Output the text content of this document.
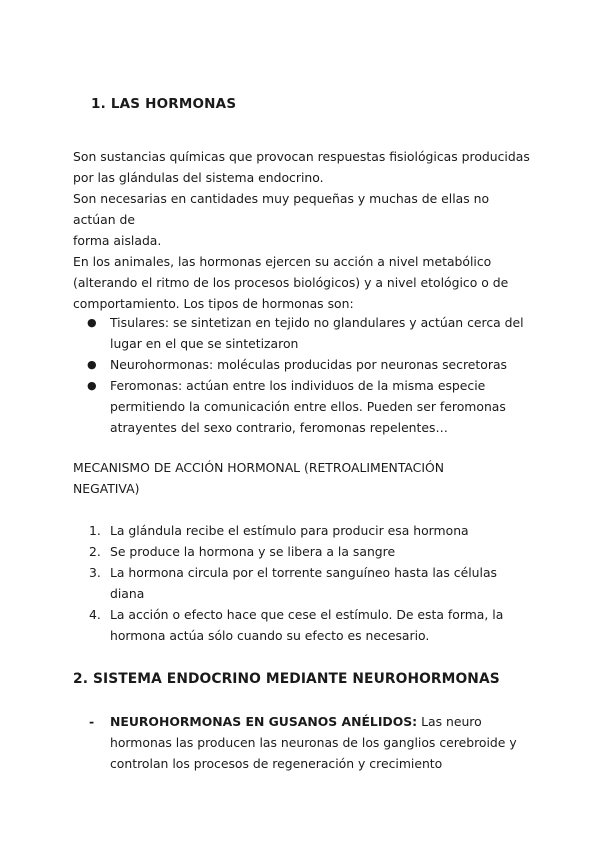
1. LAS HORMONAS

Son sustancias químicas que provocan respuestas fisiológicas producidas

por las glándulas del sistema endocrino.

Son necesarias en cantidades muy pequeñas y muchas de ellas no actúan de

forma aislada.

En los animales, las hormonas ejercen su acción a nivel metabólico

(alterando el ritmo de los procesos biológicos) y a nivel etológico o de

comportamiento. Los tipos de hormonas son:

● Tisulares: se sintetizan en tejido no glandulares y actúan cerca del
lugar en el que se sintetizaron
● Neurohormonas: moléculas producidas por neuronas secretoras
● Feromonas: actúan entre los individuos de la misma especie
permitiendo la comunicación entre ellos. Pueden ser feromonas
atrayentes del sexo contrario, feromonas repelentes…
MECANISMO DE ACCIÓN HORMONAL (RETROALIMENTACIÓN
NEGATIVA)
1. La glándula recibe el estímulo para producir esa hormona
2. Se produce la hormona y se libera a la sangre
3. La hormona circula por el torrente sanguíneo hasta las células diana
4. La acción o efecto hace que cese el estímulo. De esta forma, la
hormona actúa sólo cuando su efecto es necesario.
2. SISTEMA ENDOCRINO MEDIANTE NEUROHORMONAS
- NEUROHORMONAS EN GUSANOS ANÉLIDOS: Las neuro
hormonas las producen las neuronas de los ganglios cerebroide y
controlan los procesos de regeneración y crecimiento
